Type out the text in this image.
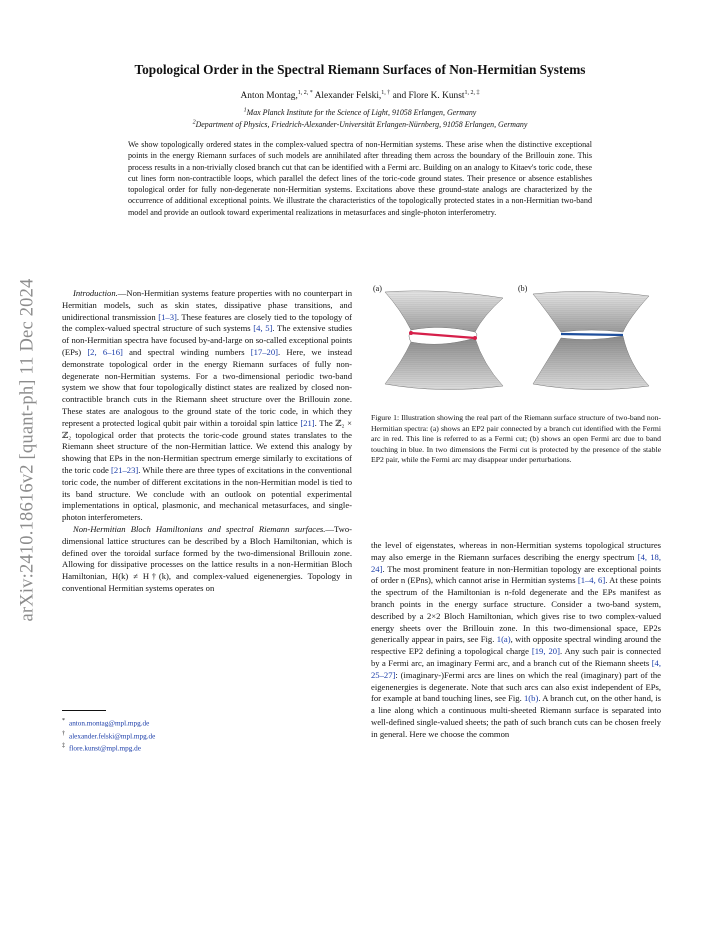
arXiv:2410.18616v2 [quant-ph] 11 Dec 2024
Topological Order in the Spectral Riemann Surfaces of Non-Hermitian Systems
Anton Montag,$^{1, 2, *}$ Alexander Felski,$^{1, \dagger}$ and Flore K. Kunst$^{1, 2, \ddagger}$
$^1$Max Planck Institute for the Science of Light, 91058 Erlangen, Germany
$^2$Department of Physics, Friedrich-Alexander-Universität Erlangen-Nürnberg, 91058 Erlangen, Germany
We show topologically ordered states in the complex-valued spectra of non-Hermitian systems. These arise when the distinctive exceptional points in the energy Riemann surfaces of such models are annihilated after threading them across the boundary of the Brillouin zone. This process results in a non-trivially closed branch cut that can be identified with a Fermi arc. Building on an analogy to Kitaev's toric code, these cut lines form non-contractible loops, which parallel the defect lines of the toric-code ground states. Their presence or absence establishes topological order for fully non-degenerate non-Hermitian systems. Excitations above these ground-state analogs are characterized by the occurrence of additional exceptional points. We illustrate the characteristics of the topologically protected states in a non-Hermitian two-band model and provide an outlook toward experimental realizations in metasurfaces and single-photon interferometry.

Introduction.—Non-Hermitian systems feature properties with no counterpart in Hermitian models, such as skin states, dissipative phase transitions, and unidirectional transmission [1–3]. These features are closely tied to the topology of the complex-valued spectral structure of such systems [4, 5]. The extensive studies of non-Hermitian spectra have focused by-and-large on so-called exceptional points (EPs) [2, 6–16] and spectral winding numbers [17–20]. Here, we instead demonstrate topological order in the energy Riemann surfaces of fully non-degenerate non-Hermitian systems. For a two-dimensional periodic two-band system we show that four topologically distinct states are realized by closed non-contractible branch cuts in the Riemann sheet structure over the Brillouin zone. These states are analogous to the ground state of the toric code, in which they represent a protected logical qubit pair within a toroidal spin lattice [21]. The ℤ₂ × ℤ₂ topological order that protects the toric-code ground states translates to the Riemann sheet structure of the non-Hermitian lattice. We extend this analogy by showing that EPs in the non-Hermitian spectrum emerge similarly to excitations of the toric code [21–23]. While there are three types of excitations in the conventional toric code, the number of different excitations in the non-Hermitian model is tied to its band structure. We conclude with an outlook on potential experimental implementations in optical, plasmonic, and mechanical metasurfaces, and single-photon interferometers.

Non-Hermitian Bloch Hamiltonians and spectral Riemann surfaces.—Two-dimensional lattice structures can be described by a Bloch Hamiltonian, which is defined over the toroidal surface formed by the two-dimensional Brillouin zone. Allowing for dissipative processes on the lattice results in a non-Hermitian Bloch Hamiltonian, H(k) ≠ H†(k), and complex-valued eigenenergies. Topology in conventional Hermitian systems operates on

(a)	(b)
Figure 1: Illustration showing the real part of the Riemann surface structure of two-band non-Hermitian spectra: (a) shows an EP2 pair connected by a branch cut identified with the Fermi arc in red. This line is referred to as a Fermi cut; (b) shows an open Fermi arc due to band touching in blue. In two dimensions the Fermi cut is protected by the presence of the stable EP2 pair, while the Fermi arc may disappear under perturbations.

the level of eigenstates, whereas in non-Hermitian systems topological structures may also emerge in the Riemann surfaces describing the energy spectrum [4, 18, 24]. The most prominent feature in non-Hermitian topology are exceptional points of order n (EPns), which cannot arise in Hermitian systems [1–4, 6]. At these points the spectrum of the Hamiltonian is n-fold degenerate and the EPs manifest as branch points in the energy surface structure. Consider a two-band system, described by a 2×2 Bloch Hamiltonian, which gives rise to two complex-valued energy sheets over the Brillouin zone. In this two-dimensional space, EP2s generically appear in pairs, see Fig. 1(a), with opposite spectral winding around the respective EP2 defining a topological charge [19, 20]. Any such pair is connected by a Fermi arc, an imaginary Fermi arc, and a branch cut of the Riemann sheets [4, 25–27]: (imaginary-)Fermi arcs are lines on which the real (imaginary) part of the eigenenergies is degenerate. Note that such arcs can also exist independent of EPs, for example at band touching lines, see Fig. 1(b). A branch cut, on the other hand, is a line along which a continuous multi-sheeted Riemann surface is separated into well-defined single-valued sheets; the path of such branch cuts can be chosen freely in general. Here we choose the common

* anton.montag@mpl.mpg.de
† alexander.felski@mpl.mpg.de
‡ flore.kunst@mpl.mpg.de
